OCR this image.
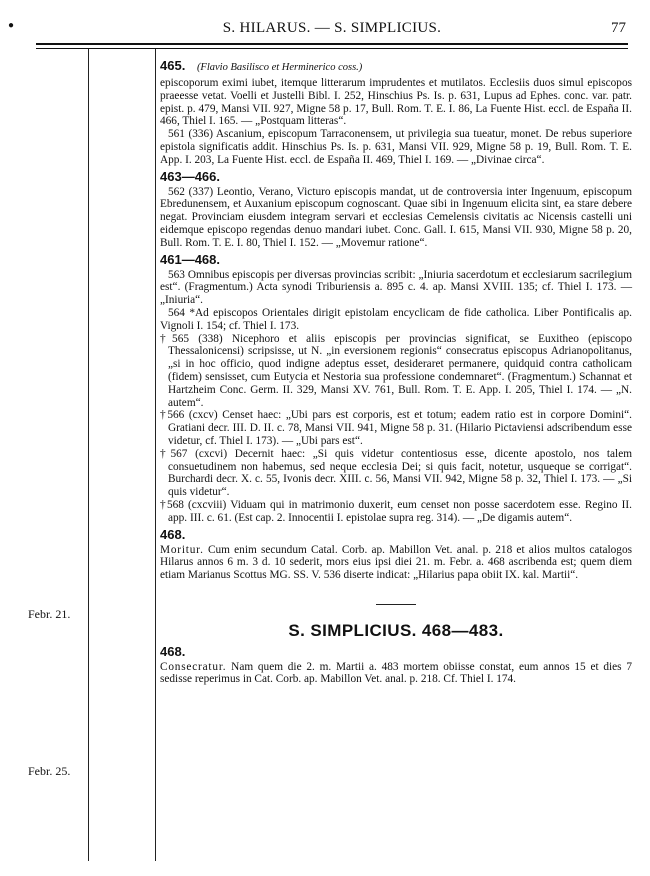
●	S. HILARUS. — S. SIMPLICIUS.	77
Febr. 21.
Febr. 25.
465. (Flavio Basilisco et Herminerico coss.)

episcoporum eximi iubet, itemque litterarum imprudentes et mutilatos. Ecclesiis duos simul episcopos praeesse vetat. Voelli et Justelli Bibl. I. 252, Hinschius Ps. Is. p. 631, Lupus ad Ephes. conc. var. patr. epist. p. 479, Mansi VII. 927, Migne 58 p. 17, Bull. Rom. T. E. I. 86, La Fuente Hist. eccl. de España II. 466, Thiel I. 165. — „Postquam litteras“.

561 (336) Ascanium, episcopum Tarraconensem, ut privilegia sua tueatur, monet. De rebus superiore epistola significatis addit. Hinschius Ps. Is. p. 631, Mansi VII. 929, Migne 58 p. 19, Bull. Rom. T. E. App. I. 203, La Fuente Hist. eccl. de España II. 469, Thiel I. 169. — „Divinae circa“.

463—466.

562 (337) Leontio, Verano, Victuro episcopis mandat, ut de controversia inter Ingenuum, episcopum Ebredunensem, et Auxanium episcopum cognoscant. Quae sibi in Ingenuum elicita sint, ea stare debere negat. Provinciam eiusdem integram servari et ecclesias Cemelensis civitatis ac Nicensis castelli uni eidemque episcopo regendas denuo mandari iubet. Conc. Gall. I. 615, Mansi VII. 930, Migne 58 p. 20, Bull. Rom. T. E. I. 80, Thiel I. 152. — „Movemur ratione“.

461—468.

563 Omnibus episcopis per diversas provincias scribit: „Iniuria sacerdotum et ecclesiarum sacrilegium est“. (Fragmentum.) Acta synodi Triburiensis a. 895 c. 4. ap. Mansi XVIII. 135; cf. Thiel I. 173. — „Iniuria“.

564 *Ad episcopos Orientales dirigit epistolam encyclicam de fide catholica. Liber Pontificalis ap. Vignoli I. 154; cf. Thiel I. 173.

†565 (338) Nicephoro et aliis episcopis per provincias significat, se Euxitheo (episcopo Thessalonicensi) scripsisse, ut N. „in eversionem regionis“ consecratus episcopus Adrianopolitanus, „si in hoc officio, quod indigne adeptus esset, desideraret permanere, quidquid contra catholicam (fidem) sensisset, cum Eutycia et Nestoria sua professione condemnaret“. (Fragmentum.) Schannat et Hartzheim Conc. Germ. II. 329, Mansi XV. 761, Bull. Rom. T. E. App. I. 205, Thiel I. 174. — „N. autem“.

†566 (cxcv) Censet haec: „Ubi pars est corporis, est et totum; eadem ratio est in corpore Domini“. Gratiani decr. III. D. II. c. 78, Mansi VII. 941, Migne 58 p. 31. (Hilario Pictaviensi adscribendum esse videtur, cf. Thiel I. 173). — „Ubi pars est“.

†567 (cxcvi) Decernit haec: „Si quis videtur contentiosus esse, dicente apostolo, nos talem consuetudinem non habemus, sed neque ecclesia Dei; si quis facit, notetur, usqueque se corrigat“. Burchardi decr. X. c. 55, Ivonis decr. XIII. c. 56, Mansi VII. 942, Migne 58 p. 32, Thiel I. 173. — „Si quis videtur“.

†568 (cxcviii) Viduam qui in matrimonio duxerit, eum censet non posse sacerdotem esse. Regino II. app. III. c. 61. (Est cap. 2. Innocentii I. epistolae supra reg. 314). — „De digamis autem“.

468.

Moritur. Cum enim secundum Catal. Corb. ap. Mabillon Vet. anal. p. 218 et alios multos catalogos Hilarus annos 6 m. 3 d. 10 sederit, mors eius ipsi diei 21. m. Febr. a. 468 ascribenda est; quem diem etiam Marianus Scottus MG. SS. V. 536 diserte indicat: „Hilarius papa obiit IX. kal. Martii“.

S. SIMPLICIUS. 468—483.
468.

Consecratur. Nam quem die 2. m. Martii a. 483 mortem obiisse constat, eum annos 15 et dies 7 sedisse reperimus in Cat. Corb. ap. Mabillon Vet. anal. p. 218. Cf. Thiel I. 174.
